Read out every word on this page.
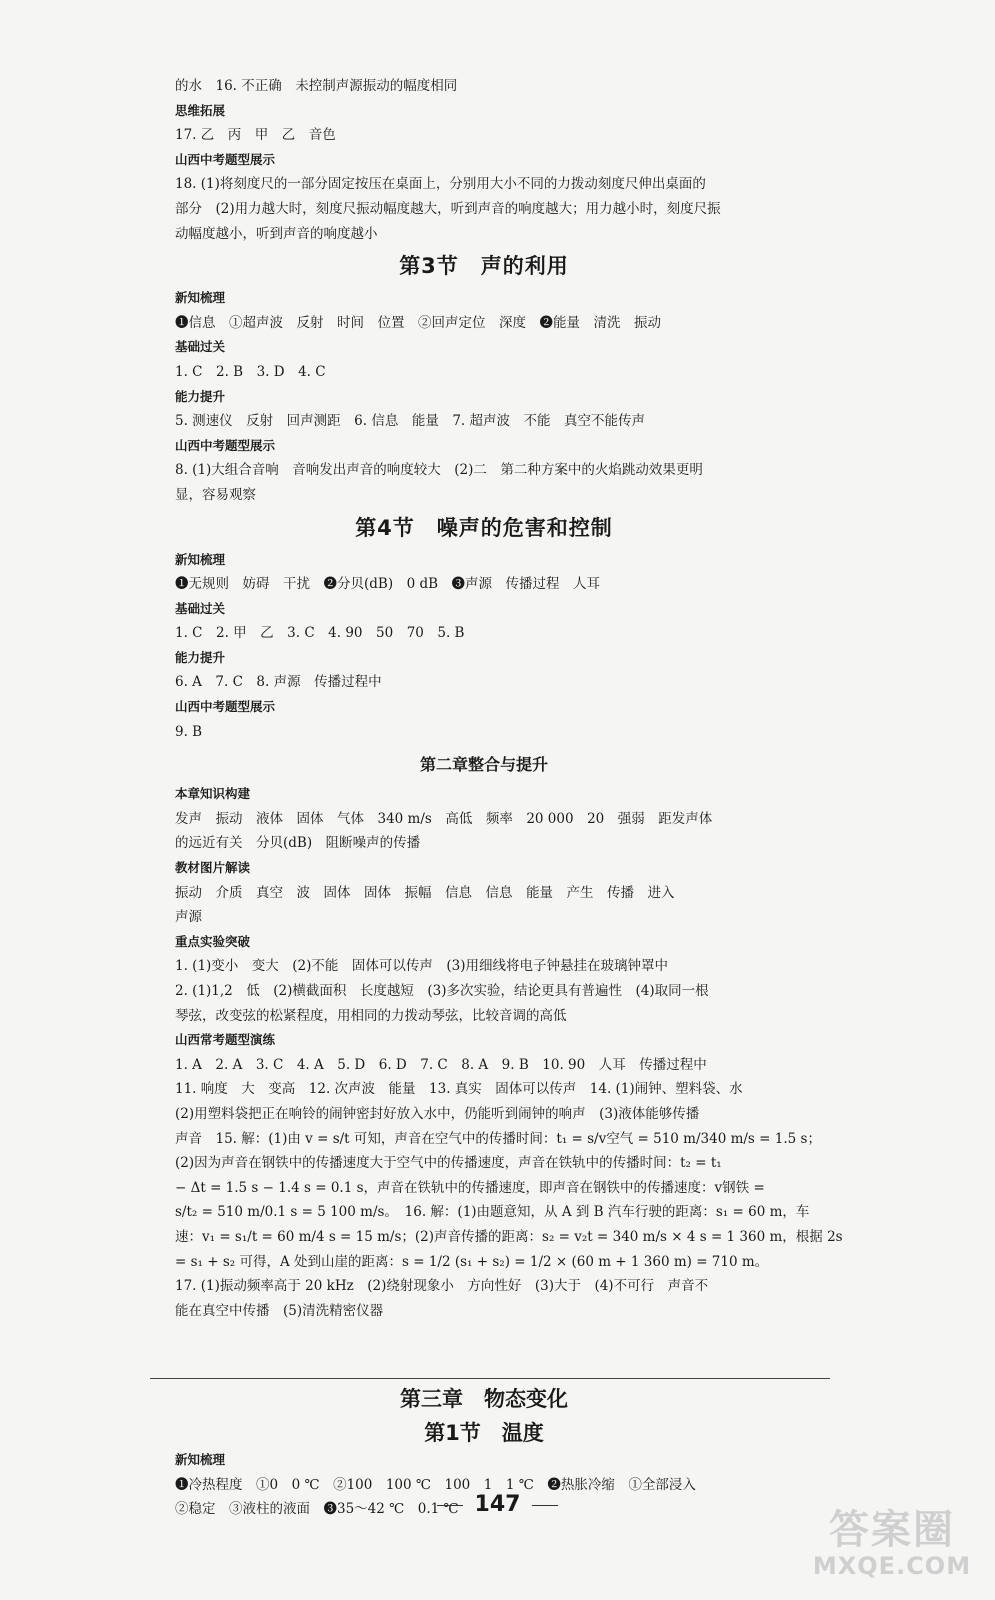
的水　16. 不正确　未控制声源振动的幅度相同
思维拓展
17. 乙　丙　甲　乙　音色
山西中考题型展示
18. (1)将刻度尺的一部分固定按压在桌面上，分别用大小不同的力拨动刻度尺伸出桌面的
部分　(2)用力越大时，刻度尺振动幅度越大，听到声音的响度越大；用力越小时，刻度尺振
动幅度越小，听到声音的响度越小
第3节　声的利用
新知梳理
❶信息　①超声波　反射　时间　位置　②回声定位　深度　❷能量　清洗　振动
基础过关
1. C　2. B　3. D　4. C
能力提升
5. 测速仪　反射　回声测距　6. 信息　能量　7. 超声波　不能　真空不能传声
山西中考题型展示
8. (1)大组合音响　音响发出声音的响度较大　(2)二　第二种方案中的火焰跳动效果更明
显，容易观察
第4节　噪声的危害和控制
新知梳理
❶无规则　妨碍　干扰　❷分贝(dB)　0 dB　❸声源　传播过程　人耳
基础过关
1. C　2. 甲　乙　3. C　4. 90　50　70　5. B
能力提升
6. A　7. C　8. 声源　传播过程中
山西中考题型展示
9. B
第二章整合与提升
本章知识构建
发声　振动　液体　固体　气体　340 m/s　高低　频率　20 000　20　强弱　距发声体
的远近有关　分贝(dB)　阻断噪声的传播
教材图片解读
振动　介质　真空　波　固体　固体　振幅　信息　信息　能量　产生　传播　进入
声源
重点实验突破
1. (1)变小　变大　(2)不能　固体可以传声　(3)用细线将电子钟悬挂在玻璃钟罩中
2. (1)1,2　低　(2)横截面积　长度越短　(3)多次实验，结论更具有普遍性　(4)取同一根
琴弦，改变弦的松紧程度，用相同的力拨动琴弦，比较音调的高低
山西常考题型演练
1. A　2. A　3. C　4. A　5. D　6. D　7. C　8. A　9. B　10. 90　人耳　传播过程中
11. 响度　大　变高　12. 次声波　能量　13. 真实　固体可以传声　14. (1)闹钟、塑料袋、水
(2)用塑料袋把正在响铃的闹钟密封好放入水中，仍能听到闹钟的响声　(3)液体能够传播
声音　15. 解：(1)由 v = s/t 可知，声音在空气中的传播时间：t₁ = s/v空气 = 510 m/340 m/s = 1.5 s；
(2)因为声音在钢铁中的传播速度大于空气中的传播速度，声音在铁轨中的传播时间：t₂ = t₁
− Δt = 1.5 s − 1.4 s = 0.1 s，声音在铁轨中的传播速度，即声音在钢铁中的传播速度：v钢铁 =
s/t₂ = 510 m/0.1 s = 5 100 m/s。　16. 解：(1)由题意知，从 A 到 B 汽车行驶的距离：s₁ = 60 m，车
速：v₁ = s₁/t = 60 m/4 s = 15 m/s；(2)声音传播的距离：s₂ = v₂t = 340 m/s × 4 s = 1 360 m，根据 2s
= s₁ + s₂ 可得，A 处到山崖的距离：s = 1/2 (s₁ + s₂) = 1/2 × (60 m + 1 360 m) = 710 m。
17. (1)振动频率高于 20 kHz　(2)绕射现象小　方向性好　(3)大于　(4)不可行　声音不
能在真空中传播　(5)清洗精密仪器
第三章　物态变化
第1节　温度
新知梳理
❶冷热程度　①0　0 ℃　②100　100 ℃　100　1　1 ℃　❷热胀冷缩　①全部浸入
②稳定　③液柱的液面　❸35～42 ℃　0.1 ℃ 147
答案圈
MXQE.COM
